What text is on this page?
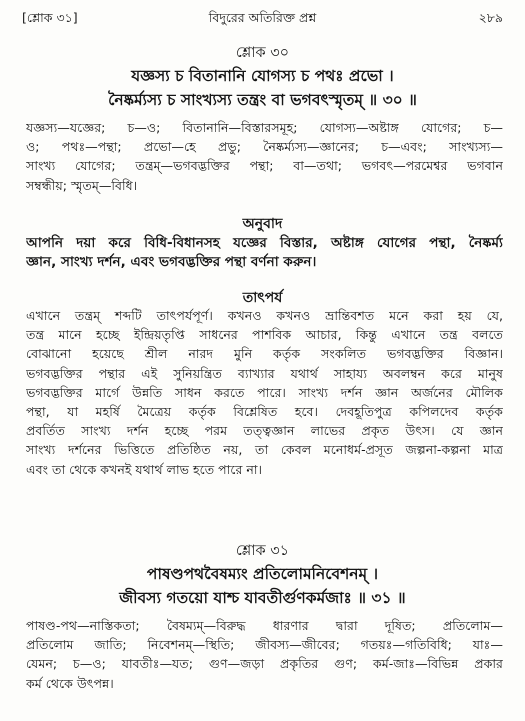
[শ্লোক ৩১]	বিদুরের অতিরিক্ত প্রশ্ন	২৮৯
শ্লোক ৩০
যজ্ঞস্য চ বিতানানি যোগস্য চ পথঃ প্রভো ।
নৈষ্কর্ম্যস্য চ সাংখ্যস্য তন্ত্রং বা ভগবৎস্মৃতম্ ॥ ৩০ ॥
যজ্ঞস্য—যজ্ঞের; চ—ও; বিতানানি—বিস্তারসমূহ; যোগস্য—অষ্টাঙ্গ যোগের; চ—
ও; পথঃ—পন্থা; প্রভো—হে প্রভু; নৈষ্কর্ম্যস্য—জ্ঞানের; চ—এবং; সাংখ্যস্য—
সাংখ্য যোগের; তন্ত্রম্—ভগবদ্ভক্তির পন্থা; বা—তথা; ভগবৎ—পরমেশ্বর ভগবান
সম্বন্ধীয়; স্মৃতম্—বিধি।
অনুবাদ
আপনি দয়া করে বিধি-বিধানসহ যজ্ঞের বিস্তার, অষ্টাঙ্গ যোগের পন্থা, নৈষ্কর্ম্য
জ্ঞান, সাংখ্য দর্শন, এবং ভগবদ্ভক্তির পন্থা বর্ণনা করুন।
তাৎপর্য
এখানে তন্ত্রম্ শব্দটি তাৎপর্যপূর্ণ। কখনও কখনও ভ্রান্তিবশত মনে করা হয় যে,
তন্ত্র মানে হচ্ছে ইন্দ্রিয়তৃপ্তি সাধনের পাশবিক আচার, কিন্তু এখানে তন্ত্র বলতে
বোঝানো হয়েছে শ্রীল নারদ মুনি কর্তৃক সংকলিত ভগবদ্ভক্তির বিজ্ঞান।
ভগবদ্ভক্তির পন্থার এই সুনিয়ন্ত্রিত ব্যাখ্যার যথার্থ সাহায্য অবলম্বন করে মানুষ
ভগবদ্ভক্তির মার্গে উন্নতি সাধন করতে পারে। সাংখ্য দর্শন জ্ঞান অর্জনের মৌলিক
পন্থা, যা মহর্ষি মৈত্রেয় কর্তৃক বিশ্লেষিত হবে। দেবহূতিপুত্র কপিলদেব কর্তৃক
প্রবর্তিত সাংখ্য দর্শন হচ্ছে পরম তত্ত্বজ্ঞান লাভের প্রকৃত উৎস। যে জ্ঞান
সাংখ্য দর্শনের ভিত্তিতে প্রতিষ্ঠিত নয়, তা কেবল মনোধর্ম-প্রসূত জল্পনা-কল্পনা মাত্র
এবং তা থেকে কখনই যথার্থ লাভ হতে পারে না।
শ্লোক ৩১
পাষণ্ডপথবৈষম্যং প্রতিলোমনিবেশনম্ ।
জীবস্য গতয়ো যাশ্চ যাবতীর্গুণকর্মজাঃ ॥ ৩১ ॥
পাষণ্ড-পথ—নাস্তিকতা; বৈষম্যম্—বিরুদ্ধ ধারণার দ্বারা দূষিত; প্রতিলোম—
প্রতিলোম জাতি; নিবেশনম্—স্থিতি; জীবস্য—জীবের; গতয়ঃ—গতিবিধি; যাঃ—
যেমন; চ—ও; যাবতীঃ—যত; গুণ—জড়া প্রকৃতির গুণ; কর্ম-জাঃ—বিভিন্ন প্রকার
কর্ম থেকে উৎপন্ন।
